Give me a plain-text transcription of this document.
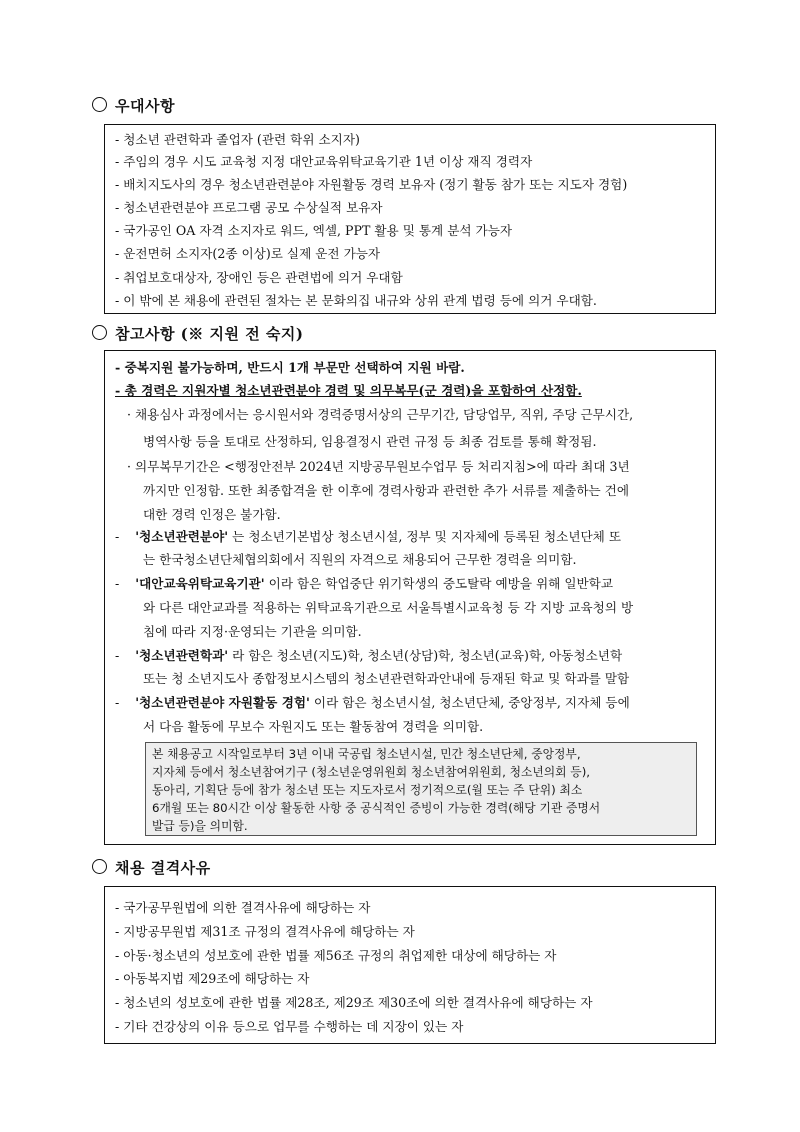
우대사항
- 청소년 관련학과 졸업자 (관련 학위 소지자)
- 주임의 경우 시도 교육청 지정 대안교육위탁교육기관 1년 이상 재직 경력자
- 배치지도사의 경우 청소년관련분야 자원활동 경력 보유자 (정기 활동 참가 또는 지도자 경험)
- 청소년관련분야 프로그램 공모 수상실적 보유자
- 국가공인 OA 자격 소지자로 워드, 엑셀, PPT 활용 및 통계 분석 가능자
- 운전면허 소지자(2종 이상)로 실제 운전 가능자
- 취업보호대상자, 장애인 등은 관련법에 의거 우대함
- 이 밖에 본 채용에 관련된 절차는 본 문화의집 내규와 상위 관계 법령 등에 의거 우대함.
참고사항 (※ 지원 전 숙지)
- 중복지원 불가능하며, 반드시 1개 부문만 선택하여 지원 바람.
- 총 경력은 지원자별 청소년관련분야 경력 및 의무복무(군 경력)을 포함하여 산정함.
· 채용심사 과정에서는 응시원서와 경력증명서상의 근무기간, 담당업무, 직위, 주당 근무시간,
병역사항 등을 토대로 산정하되, 임용결정시 관련 규정 등 최종 검토를 통해 확정됨.
· 의무복무기간은 <행정안전부 2024년 지방공무원보수업무 등 처리지침>에 따라 최대 3년
까지만 인정함. 또한 최종합격을 한 이후에 경력사항과 관련한 추가 서류를 제출하는 건에
대한 경력 인정은 불가함.
-    '청소년관련분야' 는 청소년기본법상 청소년시설, 정부 및 지자체에 등록된 청소년단체 또
는 한국청소년단체협의회에서 직원의 자격으로 채용되어 근무한 경력을 의미함.
-    '대안교육위탁교육기관' 이라 함은 학업중단 위기학생의 중도탈락 예방을 위해 일반학교
와 다른 대안교과를 적용하는 위탁교육기관으로 서울특별시교육청 등 각 지방 교육청의 방
침에 따라 지정·운영되는 기관을 의미함.
-    '청소년관련학과' 라 함은 청소년(지도)학, 청소년(상담)학, 청소년(교육)학, 아동청소년학
또는 청 소년지도사 종합정보시스템의 청소년관련학과안내에 등재된 학교 및 학과를 말함
-    '청소년관련분야 자원활동 경험' 이라 함은 청소년시설, 청소년단체, 중앙정부, 지자체 등에
서 다음 활동에 무보수 자원지도 또는 활동참여 경력을 의미함.
본 채용공고 시작일로부터 3년 이내 국공립 청소년시설, 민간 청소년단체, 중앙정부,
지자체 등에서 청소년참여기구 (청소년운영위원회 청소년참여위원회, 청소년의회 등),
동아리, 기획단 등에 참가 청소년 또는 지도자로서 정기적으로(월 또는 주 단위) 최소
6개월 또는 80시간 이상 활동한 사항 중 공식적인 증빙이 가능한 경력(해당 기관 증명서
발급 등)을 의미함.
채용 결격사유
- 국가공무원법에 의한 결격사유에 해당하는 자
- 지방공무원법 제31조 규정의 결격사유에 해당하는 자
- 아동·청소년의 성보호에 관한 법률 제56조 규정의 취업제한 대상에 해당하는 자
- 아동복지법 제29조에 해당하는 자
- 청소년의 성보호에 관한 법률 제28조, 제29조 제30조에 의한 결격사유에 해당하는 자
- 기타 건강상의 이유 등으로 업무를 수행하는 데 지장이 있는 자
